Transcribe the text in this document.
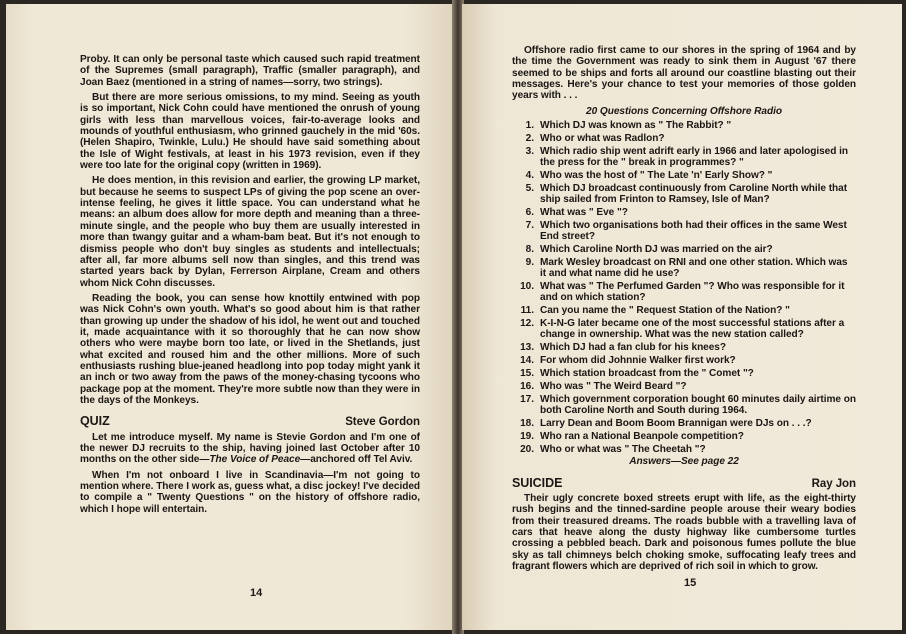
Proby. It can only be personal taste which caused such rapid treatment of the Supremes (small paragraph), Traffic (smaller paragraph), and Joan Baez (mentioned in a string of names—sorry, two strings).

But there are more serious omissions, to my mind. Seeing as youth is so important, Nick Cohn could have mentioned the onrush of young girls with less than marvellous voices, fair-to-average looks and mounds of youthful enthusiasm, who grinned gauchely in the mid '60s. (Helen Shapiro, Twinkle, Lulu.) He should have said something about the Isle of Wight festivals, at least in his 1973 revision, even if they were too late for the original copy (written in 1969).

He does mention, in this revision and earlier, the growing LP market, but because he seems to suspect LPs of giving the pop scene an over-intense feeling, he gives it little space. You can understand what he means: an album does allow for more depth and meaning than a three-minute single, and the people who buy them are usually interested in more than twangy guitar and a wham-bam beat. But it's not enough to dismiss people who don't buy singles as students and intellectuals; after all, far more albums sell now than singles, and this trend was started years back by Dylan, Ferrerson Airplane, Cream and others whom Nick Cohn discusses.

Reading the book, you can sense how knottily entwined with pop was Nick Cohn's own youth. What's so good about him is that rather than growing up under the shadow of his idol, he went out and touched it, made acquaintance with it so thoroughly that he can now show others who were maybe born too late, or lived in the Shetlands, just what excited and roused him and the other millions. More of such enthusiasts rushing blue-jeaned headlong into pop today might yank it an inch or two away from the paws of the money-chasing tycoons who package pop at the moment. They're more subtle now than they were in the days of the Monkeys.

QUIZ	Steve Gordon

Let me introduce myself. My name is Stevie Gordon and I'm one of the newer DJ recruits to the ship, having joined last October after 10 months on the other side—The Voice of Peace—anchored off Tel Aviv.

When I'm not onboard I live in Scandinavia—I'm not going to mention where. There I work as, guess what, a disc jockey! I've decided to compile a " Twenty Questions " on the history of offshore radio, which I hope will entertain.

14

Offshore radio first came to our shores in the spring of 1964 and by the time the Government was ready to sink them in August '67 there seemed to be ships and forts all around our coastline blasting out their messages. Here's your chance to test your memories of those golden years with . . .

20 Questions Concerning Offshore Radio
1. Which DJ was known as " The Rabbit? "
2. Who or what was Radlon?
3. Which radio ship went adrift early in 1966 and later apologised in the press for the " break in programmes? "
4. Who was the host of " The Late 'n' Early Show? "
5. Which DJ broadcast continuously from Caroline North while that ship sailed from Frinton to Ramsey, Isle of Man?
6. What was " Eve "?
7. Which two organisations both had their offices in the same West End street?
8. Which Caroline North DJ was married on the air?
9. Mark Wesley broadcast on RNI and one other station. Which was it and what name did he use?
10. What was " The Perfumed Garden "? Who was responsible for it and on which station?
11. Can you name the " Request Station of the Nation? "
12. K-I-N-G later became one of the most successful stations after a change in ownership. What was the new station called?
13. Which DJ had a fan club for his knees?
14. For whom did Johnnie Walker first work?
15. Which station broadcast from the " Comet "?
16. Who was " The Weird Beard "?
17. Which government corporation bought 60 minutes daily airtime on both Caroline North and South during 1964.
18. Larry Dean and Boom Boom Brannigan were DJs on . . .?
19. Who ran a National Beanpole competition?
20. Who or what was " The Cheetah "?
Answers—See page 22
SUICIDE	Ray Jon

Their ugly concrete boxed streets erupt with life, as the eight-thirty rush begins and the tinned-sardine people arouse their weary bodies from their treasured dreams. The roads bubble with a travelling lava of cars that heave along the dusty highway like cumbersome turtles crossing a pebbled beach. Dark and poisonous fumes pollute the blue sky as tall chimneys belch choking smoke, suffocating leafy trees and fragrant flowers which are deprived of rich soil in which to grow.

15
